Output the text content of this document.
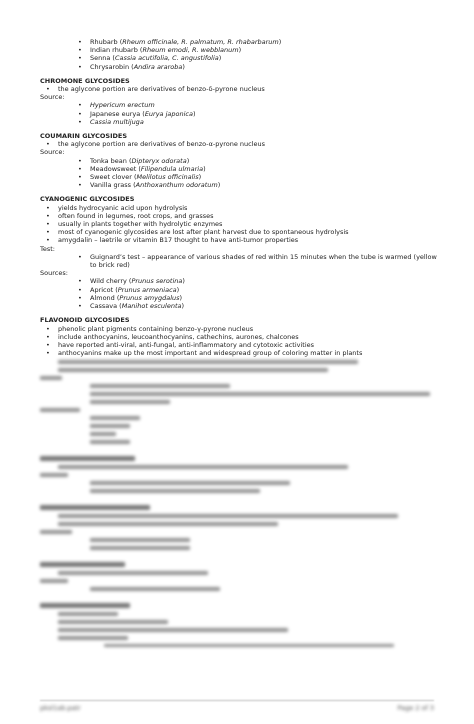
• Rhubarb (Rheum officinale, R. palmatum, R. rhabarbarum)
• Indian rhubarb (Rheum emodi, R. webblanum)
• Senna (Cassia acutifolia, C. angustifolia)
• Chrysarobin (Andira araroba)
CHROMONE GLYCOSIDES
• the aglycone portion are derivatives of benzo-δ-pyrone nucleus
Source:
• Hypericum erectum
• Japanese eurya (Eurya japonica)
• Cassia multijuga
COUMARIN GLYCOSIDES
• the aglycone portion are derivatives of benzo-α-pyrone nucleus
Source:
• Tonka bean (Dipteryx odorata)
• Meadowsweet (Filipendula ulmaria)
• Sweet clover (Melilotus officinalis)
• Vanilla grass (Anthoxanthum odoratum)
CYANOGENIC GLYCOSIDES
• yields hydrocyanic acid upon hydrolysis
• often found in legumes, root crops, and grasses
• usually in plants together with hydrolytic enzymes
• most of cyanogenic glycosides are lost after plant harvest due to spontaneous hydrolysis
• amygdalin – laetrile or vitamin B17 thought to have anti-tumor properties
Test:
• Guignard’s test – appearance of various shades of red within 15 minutes when the tube is warmed (yellow to brick red)
Sources:
• Wild cherry (Prunus serotina)
• Apricot (Prunus armeniaca)
• Almond (Prunus amygdalus)
• Cassava (Manihot esculenta)
FLAVONOID GLYCOSIDES
• phenolic plant pigments containing benzo-γ-pyrone nucleus
• include anthocyanins, leucoanthocyanins, cathechins, aurones, chalcones
• have reported anti-viral, anti-fungal, anti-inflammatory and cytotoxic activities
• anthocyanins make up the most important and widespread group of coloring matter in plants
pksl1ab.patr	Page 2 of 3
